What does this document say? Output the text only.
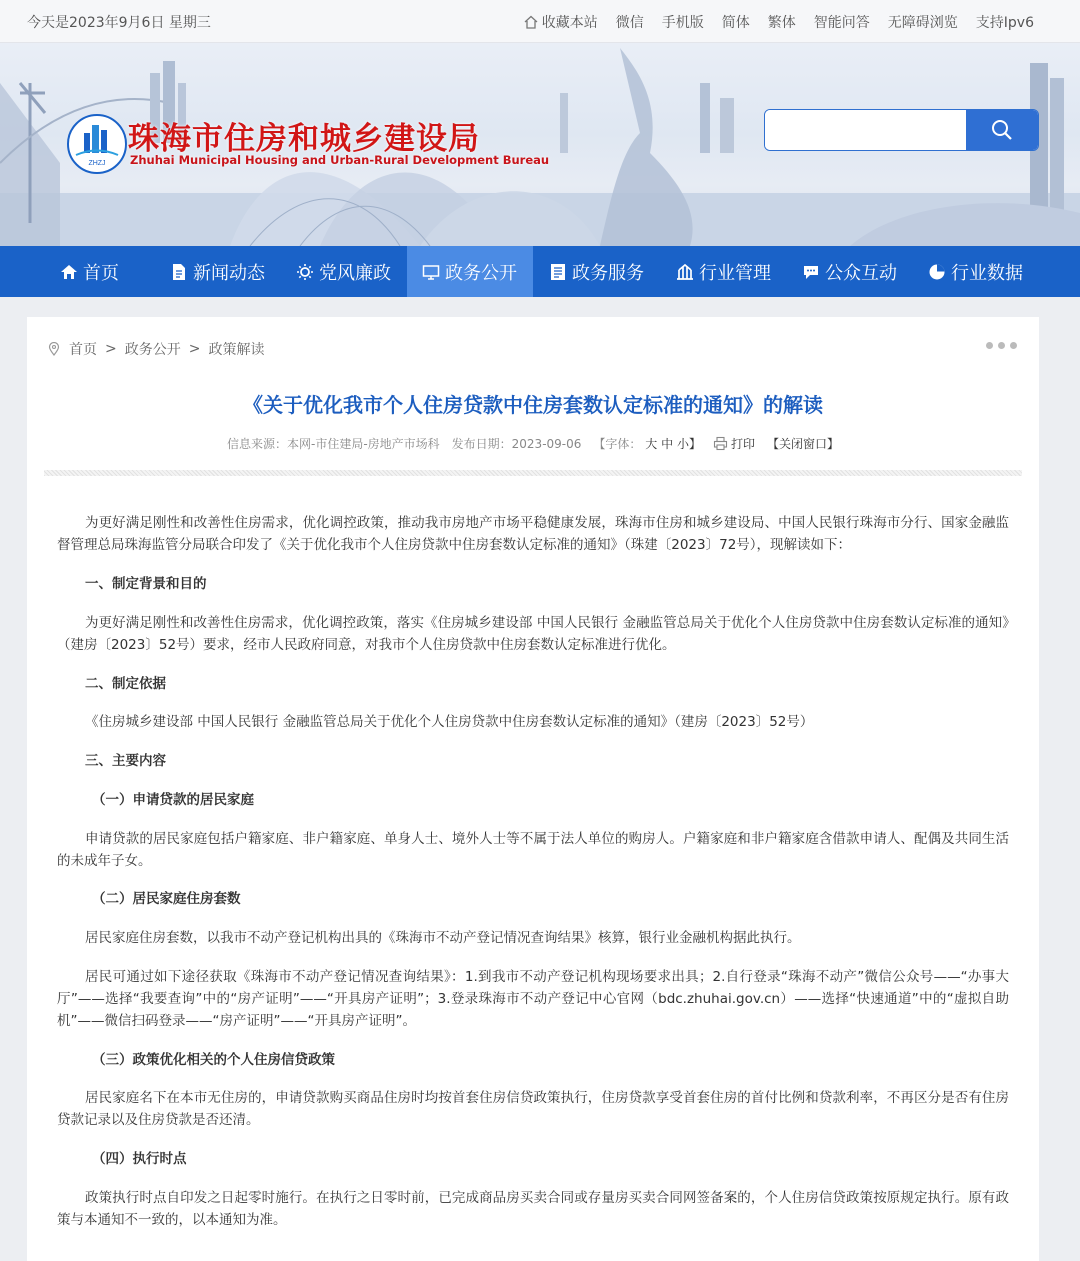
今天是2023年9月6日 星期三	收藏本站 微信 手机版 简体 繁体 智能问答 无障碍浏览 支持Ipv6
ZHZJ
珠海市住房和城乡建设局
Zhuhai Municipal Housing and Urban-Rural Development Bureau
首页	新闻动态	党风廉政	政务公开	政务服务	行业管理	公众互动	行业数据
首页 > 政务公开 > 政策解读
《关于优化我市个人住房贷款中住房套数认定标准的通知》的解读
信息来源：本网-市住建局-房地产市场科 发布日期：2023-09-06 【字体： 大 中 小】	打印 【关闭窗口】

为更好满足刚性和改善性住房需求，优化调控政策，推动我市房地产市场平稳健康发展，珠海市住房和城乡建设局、中国人民银行珠海市分行、国家金融监督管理总局珠海监管分局联合印发了《关于优化我市个人住房贷款中住房套数认定标准的通知》（珠建〔2023〕72号），现解读如下：

一、制定背景和目的

为更好满足刚性和改善性住房需求，优化调控政策，落实《住房城乡建设部 中国人民银行 金融监管总局关于优化个人住房贷款中住房套数认定标准的通知》（建房〔2023〕52号）要求，经市人民政府同意，对我市个人住房贷款中住房套数认定标准进行优化。

二、制定依据

《住房城乡建设部 中国人民银行 金融监管总局关于优化个人住房贷款中住房套数认定标准的通知》（建房〔2023〕52号）

三、主要内容

（一）申请贷款的居民家庭

申请贷款的居民家庭包括户籍家庭、非户籍家庭、单身人士、境外人士等不属于法人单位的购房人。户籍家庭和非户籍家庭含借款申请人、配偶及共同生活的未成年子女。

（二）居民家庭住房套数

居民家庭住房套数，以我市不动产登记机构出具的《珠海市不动产登记情况查询结果》核算，银行业金融机构据此执行。

居民可通过如下途径获取《珠海市不动产登记情况查询结果》：1.到我市不动产登记机构现场要求出具；2.自行登录“珠海不动产”微信公众号——“办事大厅”——选择“我要查询”中的“房产证明”——“开具房产证明”；3.登录珠海市不动产登记中心官网（bdc.zhuhai.gov.cn）——选择“快速通道”中的“虚拟自助机”——微信扫码登录——“房产证明”——“开具房产证明”。

（三）政策优化相关的个人住房信贷政策

居民家庭名下在本市无住房的，申请贷款购买商品住房时均按首套住房信贷政策执行，住房贷款享受首套住房的首付比例和贷款利率，不再区分是否有住房贷款记录以及住房贷款是否还清。

（四）执行时点

政策执行时点自印发之日起零时施行。在执行之日零时前，已完成商品房买卖合同或存量房买卖合同网签备案的，个人住房信贷政策按原规定执行。原有政策与本通知不一致的，以本通知为准。
